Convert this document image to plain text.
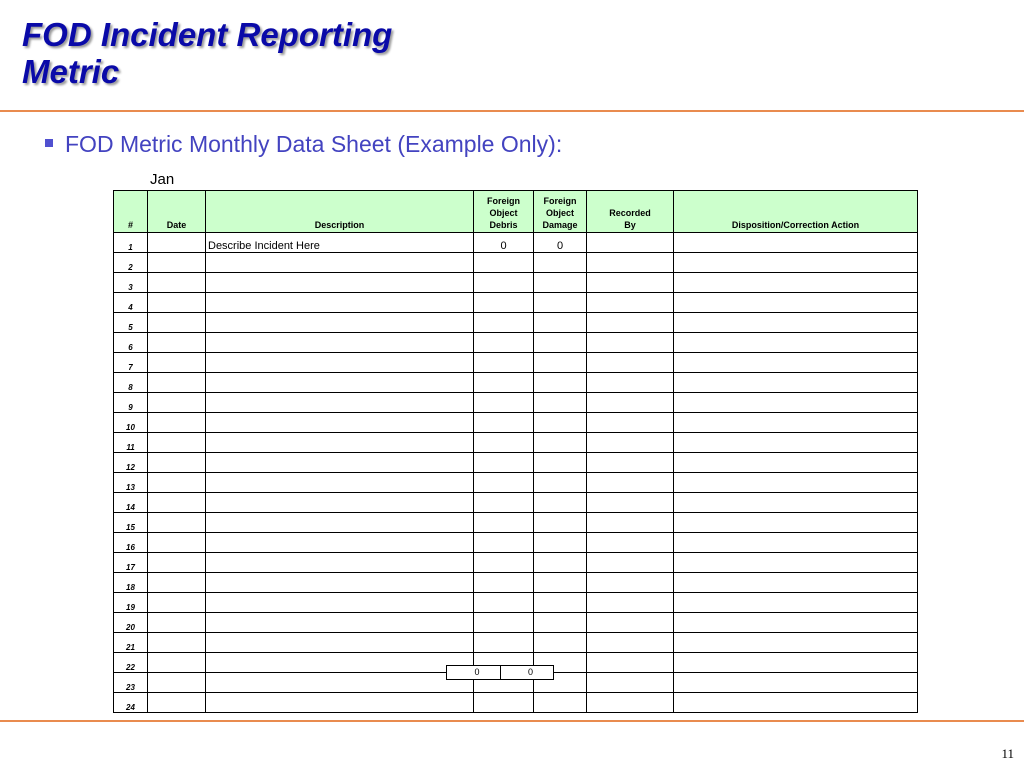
FOD Incident Reporting
Metric
FOD Metric Monthly Data Sheet (Example Only):
Jan
#	Date	Description	Foreign
Object
Debris	Foreign
Object
Damage	Recorded
By	Disposition/Correction Action
1		Describe Incident Here	0	0		
2						
3						
4						
5						
6						
7						
8						
9						
10						
11						
12						
13						
14						
15						
16						
17						
18						
19						
20						
21						
22						
23						
24						
0	0
11
